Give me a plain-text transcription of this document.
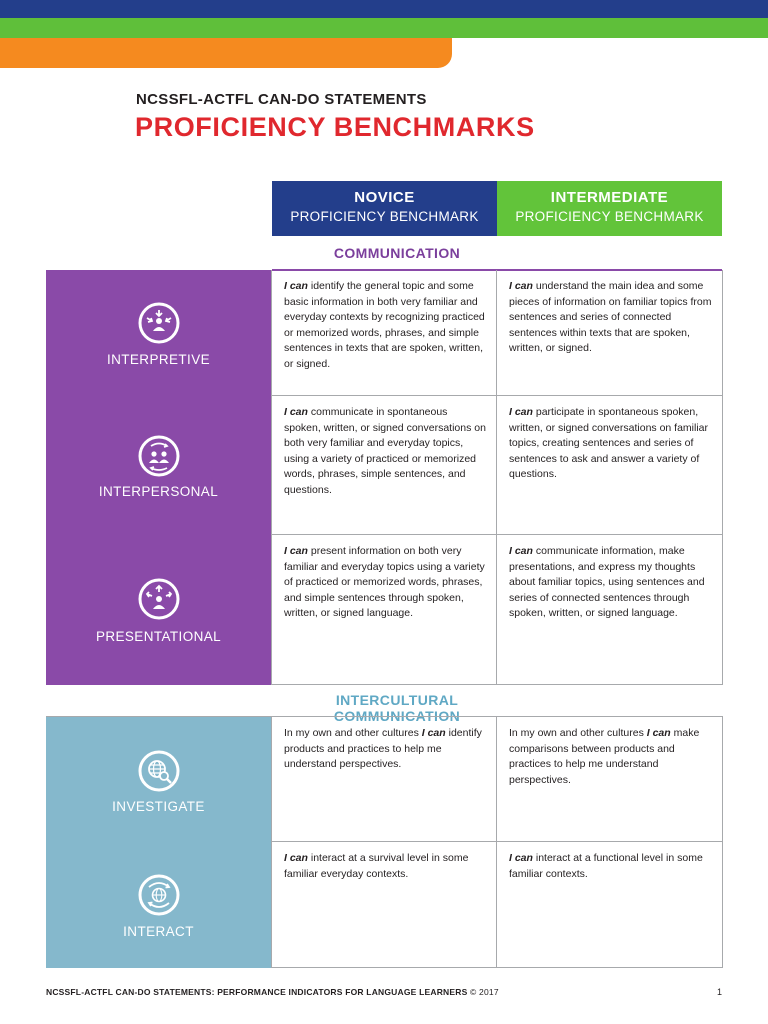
NCSSFL-ACTFL CAN-DO STATEMENTS
PROFICIENCY BENCHMARKS
NOVICE
PROFICIENCY BENCHMARK
INTERMEDIATE
PROFICIENCY BENCHMARK
COMMUNICATION
INTERPRETIVE
I can identify the general topic and some basic information in both very familiar and everyday contexts by recognizing practiced or memorized words, phrases, and simple sentences in texts that are spoken, written, or signed.
I can understand the main idea and some pieces of information on familiar topics from sentences and series of connected sentences within texts that are spoken, written, or signed.
INTERPERSONAL
I can communicate in spontaneous spoken, written, or signed conversations on both very familiar and everyday topics, using a variety of practiced or memorized words, phrases, simple sentences, and questions.
I can participate in spontaneous spoken, written, or signed conversations on familiar topics, creating sentences and series of sentences to ask and answer a variety of questions.
PRESENTATIONAL
I can present information on both very familiar and everyday topics using a variety of practiced or memorized words, phrases, and simple sentences through spoken, written, or signed language.
I can communicate information, make presentations, and express my thoughts about familiar topics, using sentences and series of connected sentences through spoken, written, or signed language.
INTERCULTURAL COMMUNICATION
INVESTIGATE
In my own and other cultures I can identify products and practices to help me understand perspectives.
In my own and other cultures I can make comparisons between products and practices to help me understand perspectives.
INTERACT
I can interact at a survival level in some familiar everyday contexts.
I can interact at a functional level in some familiar contexts.
NCSSFL-ACTFL CAN-DO STATEMENTS: PERFORMANCE INDICATORS FOR LANGUAGE LEARNERS © 2017	1
